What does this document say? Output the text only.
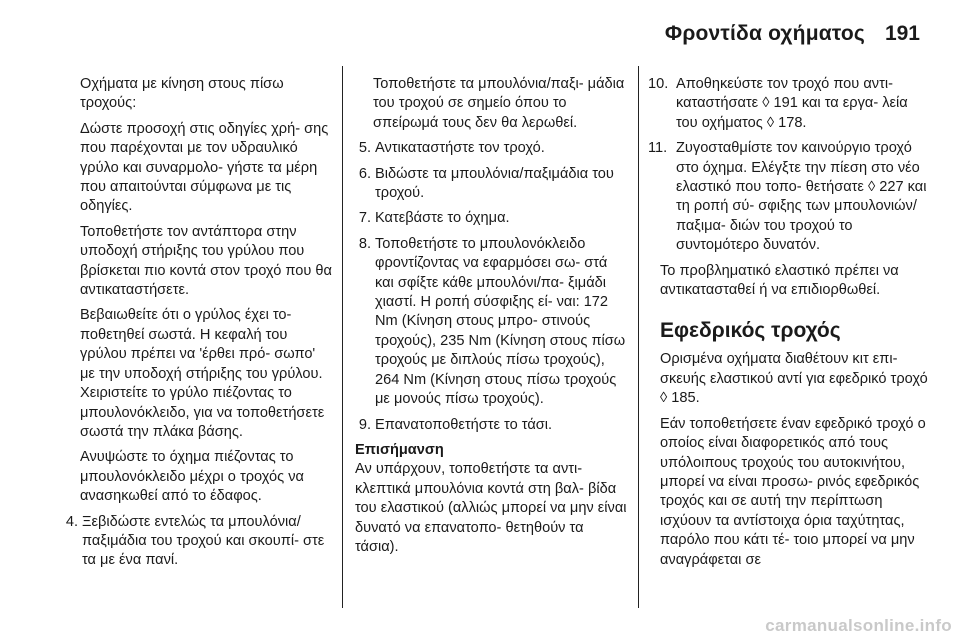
Φροντίδα οχήματος 191

Οχήματα με κίνηση στους πίσω τροχούς:

Δώστε προσοχή στις οδηγίες χρή- σης που παρέχονται με τον υδραυλικό γρύλο και συναρμολο- γήστε τα μέρη που απαιτούνται σύμφωνα με τις οδηγίες.

Τοποθετήστε τον αντάπτορα στην υποδοχή στήριξης του γρύλου που βρίσκεται πιο κοντά στον τροχό που θα αντικαταστήσετε.

Βεβαιωθείτε ότι ο γρύλος έχει το- ποθετηθεί σωστά. Η κεφαλή του γρύλου πρέπει να 'έρθει πρό- σωπο' με την υποδοχή στήριξης του γρύλου. Χειριστείτε το γρύλο πιέζοντας το μπουλονόκλειδο, για να τοποθετήσετε σωστά την πλάκα βάσης.

Ανυψώστε το όχημα πιέζοντας το μπουλονόκλειδο μέχρι ο τροχός να ανασηκωθεί από το έδαφος.

4. Ξεβιδώστε εντελώς τα μπουλόνια/ παξιμάδια του τροχού και σκουπί- στε τα με ένα πανί.

Τοποθετήστε τα μπουλόνια/παξι- μάδια του τροχού σε σημείο όπου το σπείρωμά τους δεν θα λερωθεί.

5. Αντικαταστήστε τον τροχό.
6. Βιδώστε τα μπουλόνια/παξιμάδια του τροχού.
7. Κατεβάστε το όχημα.
8. Τοποθετήστε το μπουλονόκλειδο φροντίζοντας να εφαρμόσει σω- στά και σφίξτε κάθε μπουλόνι/πα- ξιμάδι χιαστί. Η ροπή σύσφιξης εί- ναι: 172 Nm (Κίνηση στους μπρο- στινούς τροχούς), 235 Nm (Κίνηση στους πίσω τροχούς με διπλούς πίσω τροχούς), 264 Nm (Κίνηση στους πίσω τροχούς με μονούς πίσω τροχούς).
9. Επανατοποθετήστε το τάσι.

Επισήμανση

Αν υπάρχουν, τοποθετήστε τα αντι- κλεπτικά μπουλόνια κοντά στη βαλ- βίδα του ελαστικού (αλλιώς μπορεί να μην είναι δυνατό να επανατοπο- θετηθούν τα τάσια).

10. Αποθηκεύστε τον τροχό που αντι- καταστήσατε ◊ 191 και τα εργα- λεία του οχήματος ◊ 178.
11. Ζυγοσταθμίστε τον καινούργιο τροχό στο όχημα. Ελέγξτε την πίεση στο νέο ελαστικό που τοπο- θετήσατε ◊ 227 και τη ροπή σύ- σφιξης των μπουλονιών/παξιμα- διών του τροχού το συντομότερο δυνατόν.

Το προβληματικό ελαστικό πρέπει να αντικατασταθεί ή να επιδιορθωθεί.

Εφεδρικός τροχός

Ορισμένα οχήματα διαθέτουν κιτ επι- σκευής ελαστικού αντί για εφεδρικό τροχό ◊ 185.

Εάν τοποθετήσετε έναν εφεδρικό τροχό ο οποίος είναι διαφορετικός από τους υπόλοιπους τροχούς του αυτοκινήτου, μπορεί να είναι προσω- ρινός εφεδρικός τροχός και σε αυτή την περίπτωση ισχύουν τα αντίστοιχα όρια ταχύτητας, παρόλο που κάτι τέ- τοιο μπορεί να μην αναγράφεται σε

carmanualsonline.info
